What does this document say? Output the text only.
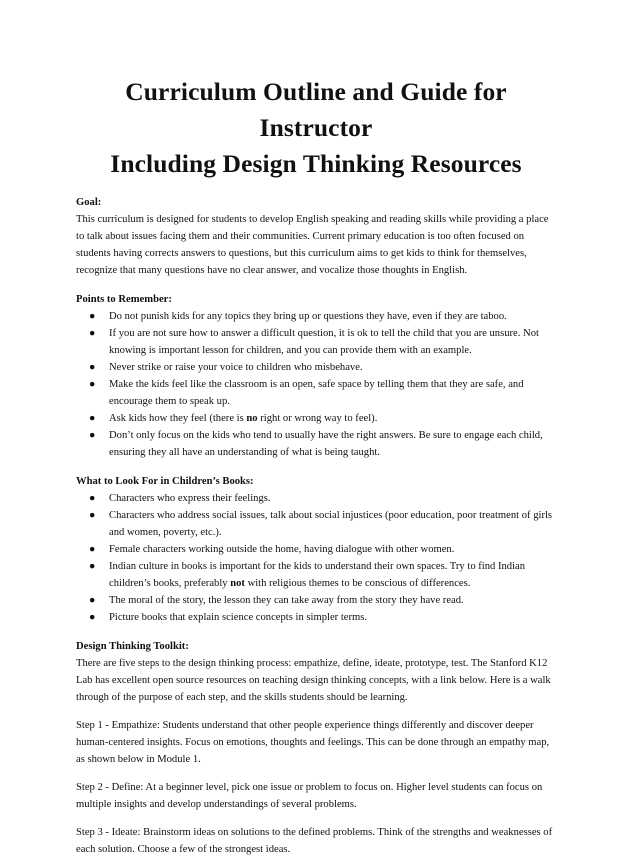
Curriculum Outline and Guide for Instructor
Including Design Thinking Resources
Goal:

This curriculum is designed for students to develop English speaking and reading skills while providing a place to talk about issues facing them and their communities. Current primary education is too often focused on students having corrects answers to questions, but this curriculum aims to get kids to think for themselves, recognize that many questions have no clear answer, and vocalize those thoughts in English.

Points to Remember:
● Do not punish kids for any topics they bring up or questions they have, even if they are taboo.
● If you are not sure how to answer a difficult question, it is ok to tell the child that you are unsure. Not knowing is important lesson for children, and you can provide them with an example.
● Never strike or raise your voice to children who misbehave.
● Make the kids feel like the classroom is an open, safe space by telling them that they are safe, and encourage them to speak up.
● Ask kids how they feel (there is no right or wrong way to feel).
● Don’t only focus on the kids who tend to usually have the right answers. Be sure to engage each child, ensuring they all have an understanding of what is being taught.
What to Look For in Children’s Books:
● Characters who express their feelings.
● Characters who address social issues, talk about social injustices (poor education, poor treatment of girls and women, poverty, etc.).
● Female characters working outside the home, having dialogue with other women.
● Indian culture in books is important for the kids to understand their own spaces. Try to find Indian children’s books, preferably not with religious themes to be conscious of differences.
● The moral of the story, the lesson they can take away from the story they have read.
● Picture books that explain science concepts in simpler terms.
Design Thinking Toolkit:

There are five steps to the design thinking process: empathize, define, ideate, prototype, test. The Stanford K12 Lab has excellent open source resources on teaching design thinking concepts, with a link below. Here is a walk through of the purpose of each step, and the skills students should be learning.

Step 1 - Empathize: Students understand that other people experience things differently and discover deeper human-centered insights. Focus on emotions, thoughts and feelings. This can be done through an empathy map, as shown below in Module 1.

Step 2 - Define: At a beginner level, pick one issue or problem to focus on. Higher level students can focus on multiple insights and develop understandings of several problems.

Step 3 - Ideate: Brainstorm ideas on solutions to the defined problems. Think of the strengths and weaknesses of each solution. Choose a few of the strongest ideas.
